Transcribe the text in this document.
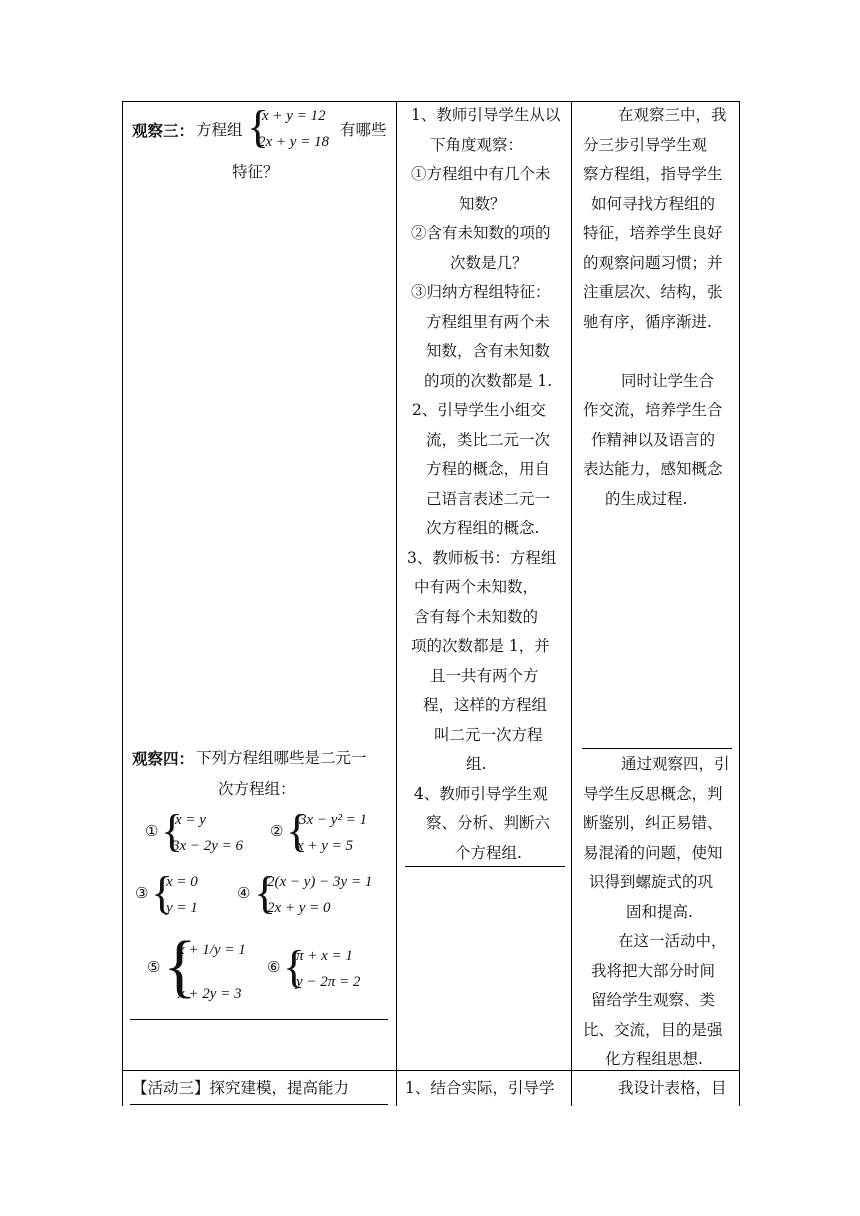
观察三： 方程组 {
x + y = 12
2x + y = 18
有哪些
特征？
观察四： 下列方程组哪些是二元一
次方程组：
① {
x = y
3x − 2y = 6
② {
3x − y² = 1
x + y = 5
③ {
x = 0
y = 1
④ {
2(x − y) − 3y = 1
2x + y = 0
⑤ {
x + 1/y = 1
x + 2y = 3
⑥ {
π + x = 1
y − 2π = 2
【活动三】探究建模，提高能力
1、教师引导学生从以
下角度观察：
①方程组中有几个未
知数？
②含有未知数的项的
次数是几？
③归纳方程组特征：
方程组里有两个未
知数，含有未知数
的项的次数都是 1.
2、引导学生小组交
流，类比二元一次
方程的概念，用自
己语言表述二元一
次方程组的概念.
3、教师板书：方程组
中有两个未知数，
含有每个未知数的
项的次数都是 1，并
且一共有两个方
程，这样的方程组
叫二元一次方程
组.
4、教师引导学生观
察、分析、判断六
个方程组.
1、结合实际，引导学
在观察三中，我
分三步引导学生观
察方程组，指导学生
如何寻找方程组的
特征，培养学生良好
的观察问题习惯；并
注重层次、结构，张
驰有序，循序渐进.
同时让学生合
作交流，培养学生合
作精神以及语言的
表达能力，感知概念
的生成过程.
通过观察四，引
导学生反思概念，判
断鉴别，纠正易错、
易混淆的问题，使知
识得到螺旋式的巩
固和提高.
在这一活动中，
我将把大部分时间
留给学生观察、类
比、交流，目的是强
化方程组思想.
我设计表格，目
